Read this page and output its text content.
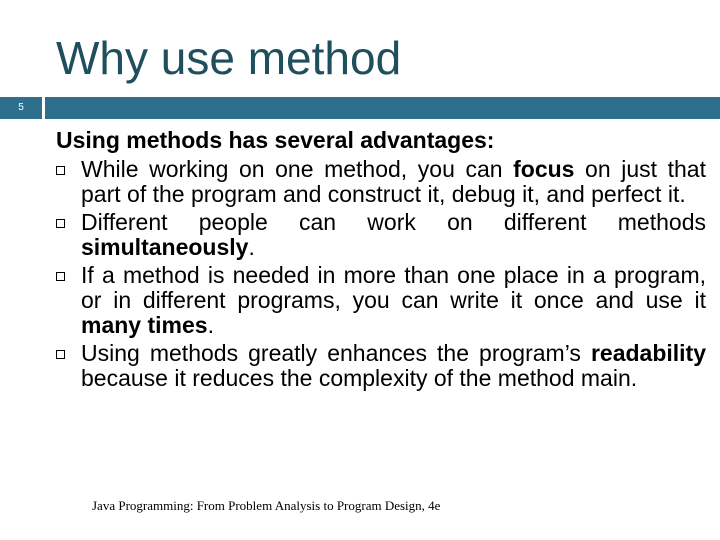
Why use method
5
Using methods has several advantages:
While working on one method, you can focus on just that part of the program and construct it, debug it, and perfect it.
Different people can work on different methods simultaneously.
If a method is needed in more than one place in a program, or in different programs, you can write it once and use it many times.
Using methods greatly enhances the program’s readability because it reduces the complexity of the method main.
Java Programming: From Problem Analysis to Program Design, 4e
